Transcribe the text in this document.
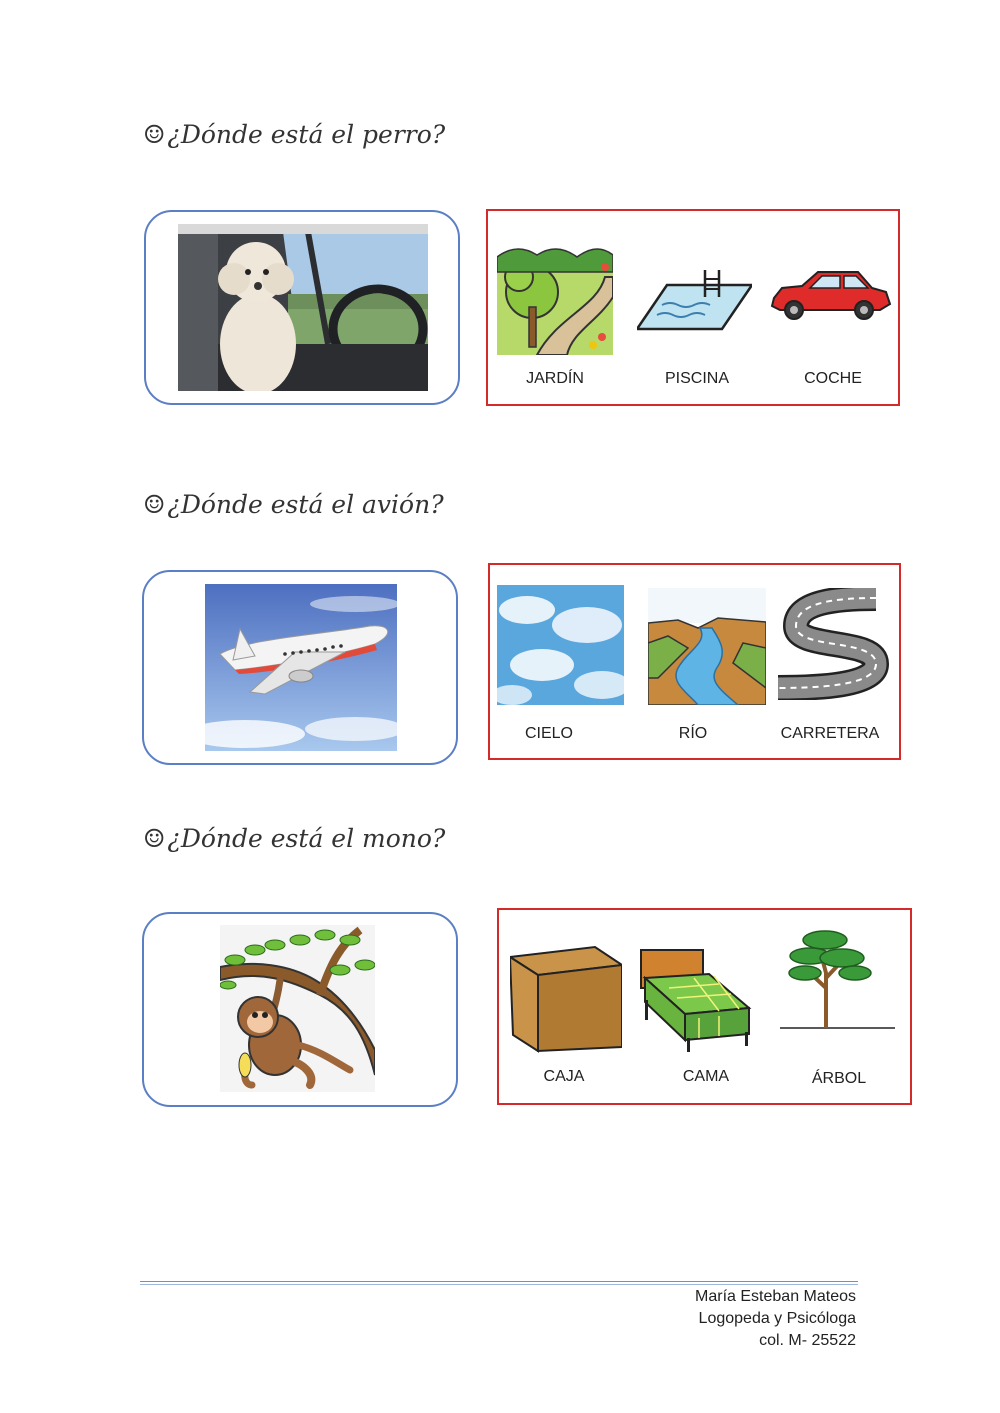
☺¿Dónde está el perro?
JARDÍN	PISCINA	COCHE
☺¿Dónde está el avión?
CIELO	RÍO	CARRETERA
☺¿Dónde está el mono?
CAJA	CAMA	ÁRBOL
María Esteban Mateos
Logopeda y Psicóloga
col. M- 25522
